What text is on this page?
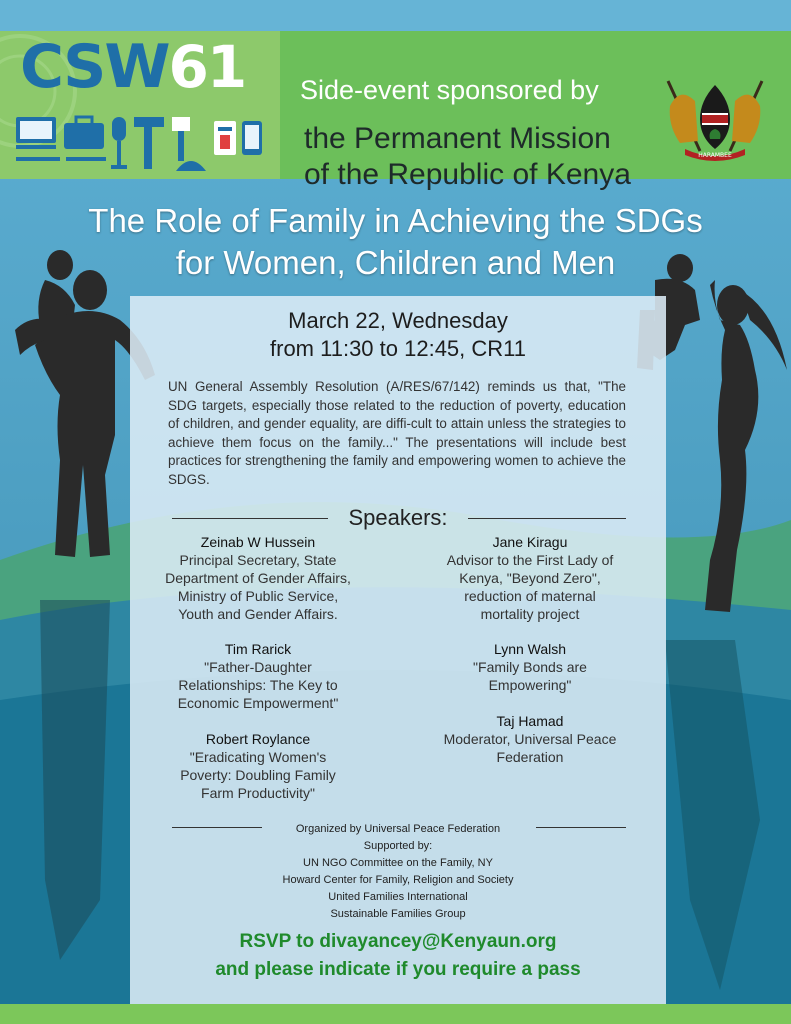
CSW61 Side-event sponsored by
the Permanent Mission
of the Republic of Kenya
HARAMBEE
The Role of Family in Achieving the SDGs
for Women, Children and Men
March 22, Wednesday
from 11:30 to 12:45, CR11
UN General Assembly Resolution (A/RES/67/142) reminds us that, "The SDG targets, especially those related to the reduction of poverty, education of children, and gender equality, are diffi-cult to attain unless the strategies to achieve them focus on the family..." The presentations will include best practices for strengthening the family and empowering women to achieve the SDGS.
Speakers:
Zeinab W Hussein
Principal Secretary, State
Department of Gender Affairs,
Ministry of Public Service,
Youth and Gender Affairs.
Tim Rarick
"Father-Daughter
Relationships: The Key to
Economic Empowerment"
Robert Roylance
"Eradicating Women's
Poverty: Doubling Family
Farm Productivity"
Jane Kiragu
Advisor to the First Lady of
Kenya, "Beyond Zero",
reduction of maternal
mortality project
Lynn Walsh
"Family Bonds are
Empowering"
Taj Hamad
Moderator, Universal Peace
Federation
Organized by Universal Peace Federation
Supported by:
UN NGO Committee on the Family, NY
Howard Center for Family, Religion and Society
United Families International
Sustainable Families Group
RSVP to divayancey@Kenyaun.org
and please indicate if you require a pass
